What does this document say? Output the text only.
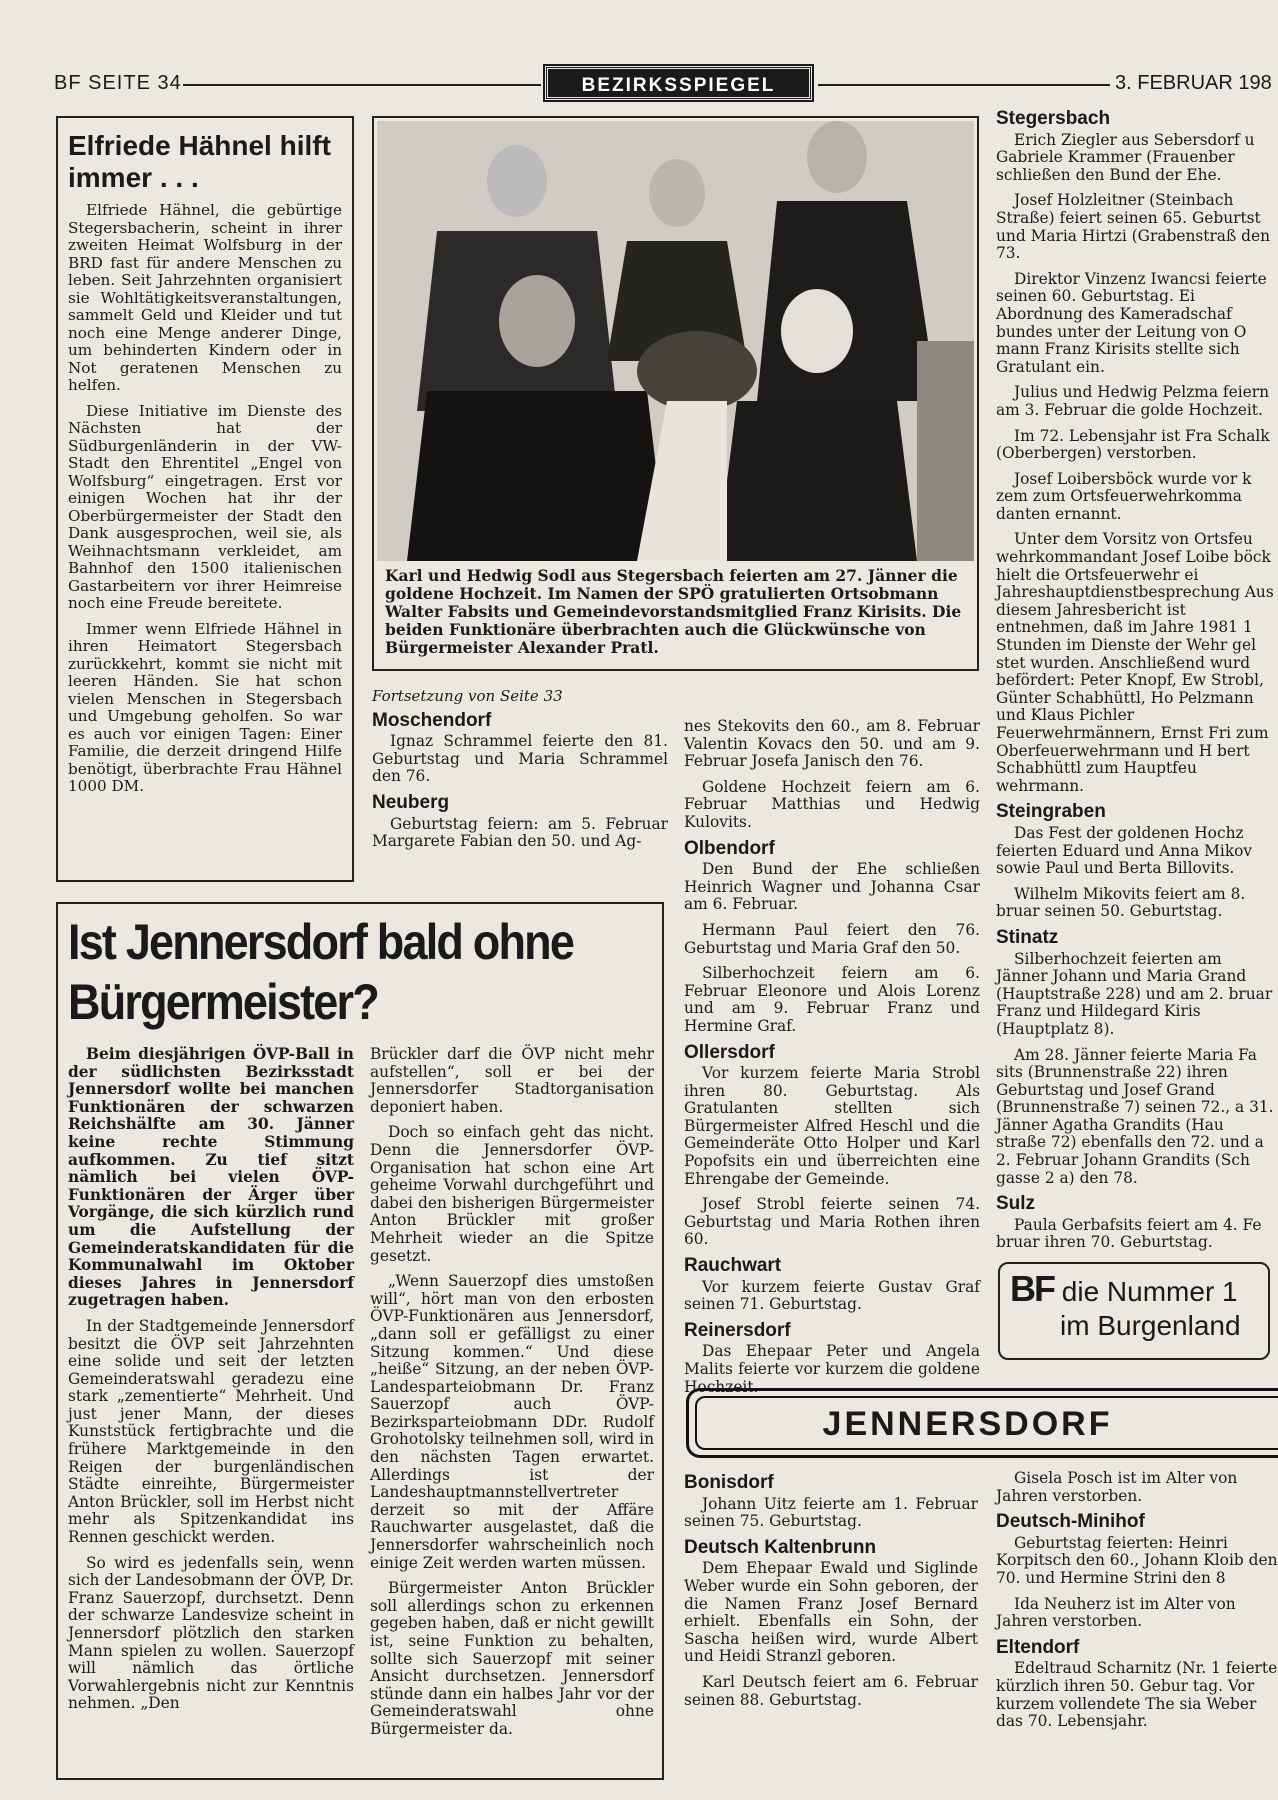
BF SEITE 34	BEZIRKSSPIEGEL	3. FEBRUAR 198
Elfriede Hähnel hilft immer . . .

Elfriede Hähnel, die gebürtige Stegersbacherin, scheint in ihrer zweiten Heimat Wolfsburg in der BRD fast für andere Menschen zu leben. Seit Jahrzehnten organisiert sie Wohltätigkeitsveranstaltungen, sammelt Geld und Kleider und tut noch eine Menge anderer Dinge, um behinderten Kindern oder in Not geratenen Menschen zu helfen.

Diese Initiative im Dienste des Nächsten hat der Südburgenländerin in der VW-Stadt den Ehrentitel „Engel von Wolfsburg“ eingetragen. Erst vor einigen Wochen hat ihr der Oberbürgermeister der Stadt den Dank ausgesprochen, weil sie, als Weihnachtsmann verkleidet, am Bahnhof den 1500 italienischen Gastarbeitern vor ihrer Heimreise noch eine Freude bereitete.

Immer wenn Elfriede Hähnel in ihren Heimatort Stegersbach zurückkehrt, kommt sie nicht mit leeren Händen. Sie hat schon vielen Menschen in Stegersbach und Umgebung geholfen. So war es auch vor einigen Tagen: Einer Familie, die derzeit dringend Hilfe benötigt, überbrachte Frau Hähnel 1000 DM.

Karl und Hedwig Sodl aus Stegersbach feierten am 27. Jänner die goldene Hochzeit. Im Namen der SPÖ gratulierten Ortsobmann Walter Fabsits und Gemeindevorstandsmitglied Franz Kirisits. Die beiden Funktionäre überbrachten auch die Glückwünsche von Bürgermeister Alexander Pratl.
Fortsetzung von Seite 33
Moschendorf

Ignaz Schrammel feierte den 81. Geburtstag und Maria Schrammel den 76.

Neuberg

Geburtstag feiern: am 5. Februar Margarete Fabian den 50. und Ag-

nes Stekovits den 60., am 8. Februar Valentin Kovacs den 50. und am 9. Februar Josefa Janisch den 76.

Goldene Hochzeit feiern am 6. Februar Matthias und Hedwig Kulovits.

Olbendorf

Den Bund der Ehe schließen Heinrich Wagner und Johanna Csar am 6. Februar.

Hermann Paul feiert den 76. Geburtstag und Maria Graf den 50.

Silberhochzeit feiern am 6. Februar Eleonore und Alois Lorenz und am 9. Februar Franz und Hermine Graf.

Ollersdorf

Vor kurzem feierte Maria Strobl ihren 80. Geburtstag. Als Gratulanten stellten sich Bürgermeister Alfred Heschl und die Gemeinderäte Otto Holper und Karl Popofsits ein und überreichten eine Ehrengabe der Gemeinde.

Josef Strobl feierte seinen 74. Geburtstag und Maria Rothen ihren 60.

Rauchwart

Vor kurzem feierte Gustav Graf seinen 71. Geburtstag.

Reinersdorf

Das Ehepaar Peter und Angela Malits feierte vor kurzem die goldene Hochzeit.

Stegersbach

Erich Ziegler aus Sebersdorf u Gabriele Krammer (Frauenber schließen den Bund der Ehe.

Josef Holzleitner (Steinbach Straße) feiert seinen 65. Geburtst und Maria Hirtzi (Grabenstraß den 73.

Direktor Vinzenz Iwancsi feierte seinen 60. Geburtstag. Ei Abordnung des Kameradschaf bundes unter der Leitung von O mann Franz Kirisits stellte sich Gratulant ein.

Julius und Hedwig Pelzma feiern am 3. Februar die golde Hochzeit.

Im 72. Lebensjahr ist Fra Schalk (Oberbergen) verstorben.

Josef Loibersböck wurde vor k zem zum Ortsfeuerwehrkomma danten ernannt.

Unter dem Vorsitz von Ortsfeu wehrkommandant Josef Loibe böck hielt die Ortsfeuerwehr ei Jahreshauptdienstbesprechung Aus diesem Jahresbericht ist entnehmen, daß im Jahre 1981 1 Stunden im Dienste der Wehr gel stet wurden. Anschließend wurd befördert: Peter Knopf, Ew Strobl, Günter Schabhüttl, Ho Pelzmann und Klaus Pichler Feuerwehrmännern, Ernst Fri zum Oberfeuerwehrmann und H bert Schabhüttl zum Hauptfeu wehrmann.

Steingraben

Das Fest der goldenen Hochz feierten Eduard und Anna Mikov sowie Paul und Berta Billovits.

Wilhelm Mikovits feiert am 8. bruar seinen 50. Geburtstag.

Stinatz

Silberhochzeit feierten am Jänner Johann und Maria Grand (Hauptstraße 228) und am 2. bruar Franz und Hildegard Kiris (Hauptplatz 8).

Am 28. Jänner feierte Maria Fa sits (Brunnenstraße 22) ihren Geburtstag und Josef Grand (Brunnenstraße 7) seinen 72., a 31. Jänner Agatha Grandits (Hau straße 72) ebenfalls den 72. und a 2. Februar Johann Grandits (Sch gasse 2 a) den 78.

Sulz

Paula Gerbafsits feiert am 4. Fe bruar ihren 70. Geburtstag.

BF die Nummer 1
im Burgenland
JENNERSDORF
Bonisdorf

Johann Uitz feierte am 1. Februar seinen 75. Geburtstag.

Deutsch Kaltenbrunn

Dem Ehepaar Ewald und Siglinde Weber wurde ein Sohn geboren, der die Namen Franz Josef Bernard erhielt. Ebenfalls ein Sohn, der Sascha heißen wird, wurde Albert und Heidi Stranzl geboren.

Karl Deutsch feiert am 6. Februar seinen 88. Geburtstag.

Gisela Posch ist im Alter von Jahren verstorben.

Deutsch-Minihof

Geburtstag feierten: Heinri Korpitsch den 60., Johann Kloib den 70. und Hermine Strini den 8

Ida Neuherz ist im Alter von Jahren verstorben.

Eltendorf

Edeltraud Scharnitz (Nr. 1 feierte kürzlich ihren 50. Gebur tag. Vor kurzem vollendete The sia Weber das 70. Lebensjahr.

Ist Jennersdorf bald ohne Bürgermeister?

Beim diesjährigen ÖVP-Ball in der südlichsten Bezirksstadt Jennersdorf wollte bei manchen Funktionären der schwarzen Reichshälfte am 30. Jänner keine rechte Stimmung aufkommen. Zu tief sitzt nämlich bei vielen ÖVP-Funktionären der Ärger über Vorgänge, die sich kürzlich rund um die Aufstellung der Gemeinderatskandidaten für die Kommunalwahl im Oktober dieses Jahres in Jennersdorf zugetragen haben.

In der Stadtgemeinde Jennersdorf besitzt die ÖVP seit Jahrzehnten eine solide und seit der letzten Gemeinderatswahl geradezu eine stark „zementierte“ Mehrheit. Und just jener Mann, der dieses Kunststück fertigbrachte und die frühere Marktgemeinde in den Reigen der burgenländischen Städte einreihte, Bürgermeister Anton Brückler, soll im Herbst nicht mehr als Spitzenkandidat ins Rennen geschickt werden.

So wird es jedenfalls sein, wenn sich der Landesobmann der ÖVP, Dr. Franz Sauerzopf, durchsetzt. Denn der schwarze Landesvize scheint in Jennersdorf plötzlich den starken Mann spielen zu wollen. Sauerzopf will nämlich das örtliche Vorwahlergebnis nicht zur Kenntnis nehmen. „Den

Brückler darf die ÖVP nicht mehr aufstellen“, soll er bei der Jennersdorfer Stadtorganisation deponiert haben.

Doch so einfach geht das nicht. Denn die Jennersdorfer ÖVP-Organisation hat schon eine Art geheime Vorwahl durchgeführt und dabei den bisherigen Bürgermeister Anton Brückler mit großer Mehrheit wieder an die Spitze gesetzt.

„Wenn Sauerzopf dies umstoßen will“, hört man von den erbosten ÖVP-Funktionären aus Jennersdorf, „dann soll er gefälligst zu einer Sitzung kommen.“ Und diese „heiße“ Sitzung, an der neben ÖVP-Landesparteiobmann Dr. Franz Sauerzopf auch ÖVP-Bezirksparteiobmann DDr. Rudolf Grohotolsky teilnehmen soll, wird in den nächsten Tagen erwartet. Allerdings ist der Landeshauptmannstellvertreter derzeit so mit der Affäre Rauchwarter ausgelastet, daß die Jennersdorfer wahrscheinlich noch einige Zeit werden warten müssen.

Bürgermeister Anton Brückler soll allerdings schon zu erkennen gegeben haben, daß er nicht gewillt ist, seine Funktion zu behalten, sollte sich Sauerzopf mit seiner Ansicht durchsetzen. Jennersdorf stünde dann ein halbes Jahr vor der Gemeinderatswahl ohne Bürgermeister da.
